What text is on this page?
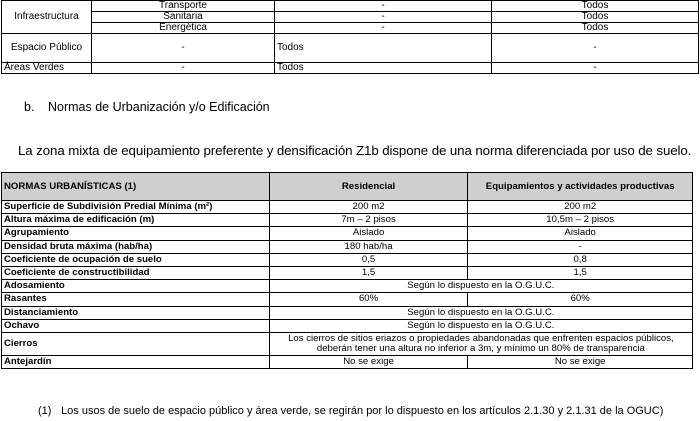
Infraestructura	Transporte	-	Todos
	Sanitaria	-	Todos
	Energética	-	Todos
Espacio Público	-	Todos	-
Áreas Verdes	-	Todos	-
b. Normas de Urbanización y/o Edificación
La zona mixta de equipamiento preferente y densificación Z1b dispone de una norma diferenciada por uso de suelo.
NORMAS URBANÍSTICAS (1)	Residencial	Equipamientos y actividades productivas
Superficie de Subdivisión Predial Mínima (m²)	200 m2	200 m2
Altura máxima de edificación (m)	7m – 2 pisos	10,5m – 2 pisos
Agrupamiento	Aislado	Aislado
Densidad bruta máxima (hab/ha)	180 hab/ha	-
Coeficiente de ocupación de suelo	0,5	0,8
Coeficiente de constructibilidad	1,5	1,5
Adosamiento	Según lo dispuesto en la O.G.U.C.	
Rasantes	60%	60%
Distanciamiento	Según lo dispuesto en la O.G.U.C.	
Ochavo	Según lo dispuesto en la O.G.U.C.	
Cierros	Los cierros de sitios eriazos o propiedades abandonadas que enfrenten espacios públicos,
deberán tener una altura no inferior a 3m, y mínimo un 80% de transparencia	

Antejardín	No se exige	No se exige
(1) Los usos de suelo de espacio público y área verde, se regirán por lo dispuesto en los artículos 2.1.30 y 2.1.31 de la OGUC)
